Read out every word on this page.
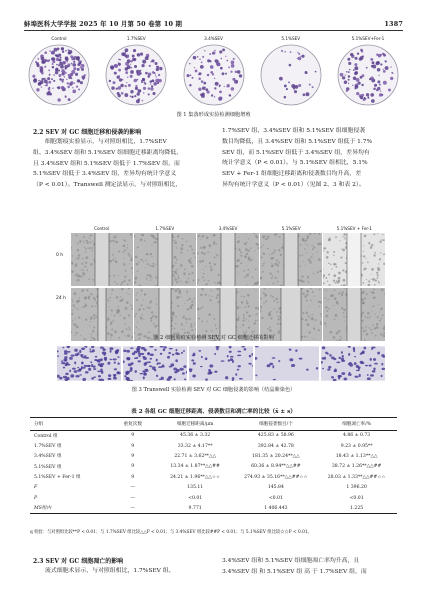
蚌埠医科大学学报 2025 年 10 月第 50 卷第 10 期	1387
Control	1.7%SEV	3.4%SEV	5.1%SEV	5.1%SEV+Fer-1
图 1 集落形成实验检测细胞增殖
2.2 SEV 对 GC 细胞迁移和侵袭的影响
细胞划痕实验显示，与对照组相比，1.7%SEV
组、3.4%SEV 组和 5.1%SEV 组细胞迁移距离均降低，
且 3.4%SEV 组和 5.1%SEV 组低于 1.7%SEV 组，而
5.1%SEV 组低于 3.4%SEV 组，差异均有统计学意义
（P < 0.01）。Transwell 测定法显示，与对照组相比，
1.7%SEV 组、3.4%SEV 组和 5.1%SEV 组细胞侵袭
数目均降低，且 3.4%SEV 组和 5.1%SEV 组低于 1.7%
SEV 组，而 5.1%SEV 组低于 3.4%SEV 组，差异均有
统计学意义（P < 0.01）。与 5.1%SEV 组相比，5.1%
SEV + Fer-1 组细胞迁移距离和侵袭数目均升高，差
异均有统计学意义（P < 0.01）（见图 2、3 和表 2）。
Control	1.7%SEV	3.4%SEV	5.1%SEV	5.1%SEV + Fer-1
0 h
24 h
图 2 细胞划痕实验检测 SEV 对 GC 细胞迁移的影响
图 3 Transwell 实验检测 SEV 对 GC 细胞侵袭的影响（结晶紫染色）
表 2 各组 GC 细胞迁移距离、侵袭数目和凋亡率的比较（x̄ ± s）
分组	重复次数	细胞迁移距离/μm	细胞侵袭数目/个	细胞凋亡率/%
Control 组	9	45.36 ± 3.32	425.83 ± 58.96	4.86 ± 0.73
1.7%SEV 组	9	33.32 ± 4.17**	392.84 ± 42.78	9.23 ± 0.95**
3.4%SEV 组	9	22.71 ± 3.62**△△	181.35 ± 20.24**△△	18.43 ± 1.13**△△
5.1%SEV 组	9	13.34 ± 1.87**△△##	60.36 ± 8.94**△△##	38.72 ± 1.26**△△##
5.1%SEV + Fer-1 组	9	24.21 ± 1.96**△△☆☆	274.93 ± 35.16**△△##☆☆	28.03 ± 1.33**△△##☆☆
F	—	135.11	145.84	1 396.20
P	—	<0.01	<0.01	<0.01
MS组内	—	9.771	1 406.443	1.225
q 检验：与对照组比较**P < 0.01；与 1.7%SEV 组比较△△P < 0.01；与 3.4%SEV 组比较##P < 0.01；与 5.1%SEV 组比较☆☆P < 0.01。
2.3 SEV 对 GC 细胞凋亡的影响
流式细胞术显示，与对照组相比，1.7%SEV 组、
3.4%SEV 组和 5.1%SEV 组细胞凋亡率均升高，且
3.4%SEV 组 和 5.1%SEV 组 高 于 1.7%SEV 组，而
